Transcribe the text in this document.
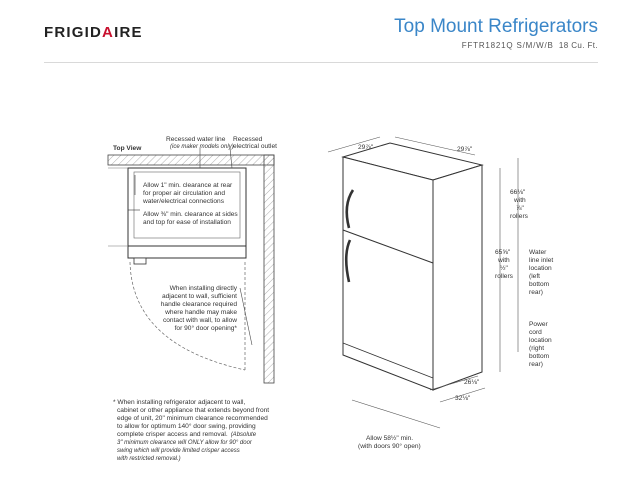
FRIGIDAIRE	Top Mount Refrigerators
FFTR1821Q S/M/W/B 18 Cu. Ft.
Top View
Recessed water line
(ice maker models only)
Recessed
electrical outlet
Allow 1" min. clearance at rear
for proper air circulation and
water/electrical connections
Allow ⅜" min. clearance at sides
and top for ease of installation
When installing directly
adjacent to wall, sufficient
handle clearance required
where handle may make
contact with wall, to allow
for 90° door opening*
* When installing refrigerator adjacent to wall,
cabinet or other appliance that extends beyond front
edge of unit, 20" minimum clearance recommended
to allow for optimum 140° door swing, providing
complete crisper access and removal. (Absolute
3" minimum clearance will ONLY allow for 90° door
swing which will provide limited crisper access
with restricted removal.)
29⅞"	29⅞"
66⅛"
with
⅞"
rollers
65⅝"
with
½"
rollers
Water
line inlet
location
(left
bottom
rear)
Power
cord
location
(right
bottom
rear)
26⅛"
32⅛"
Allow 58½" min.
(with doors 90° open)
